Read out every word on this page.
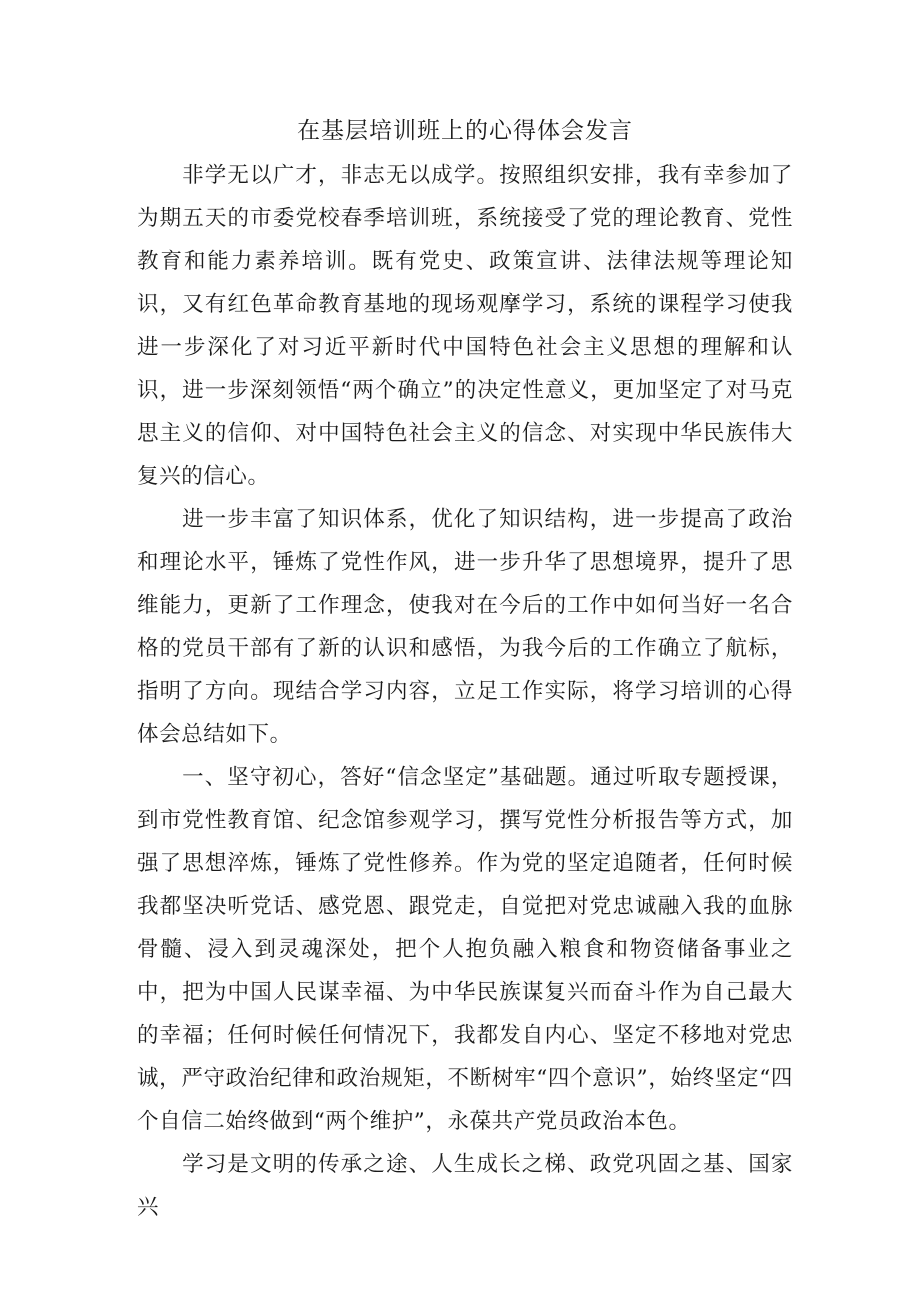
在基层培训班上的心得体会发言

非学无以广才，非志无以成学。按照组织安排，我有幸参加了为期五天的市委党校春季培训班，系统接受了党的理论教育、党性教育和能力素养培训。既有党史、政策宣讲、法律法规等理论知识，又有红色革命教育基地的现场观摩学习，系统的课程学习使我进一步深化了对习近平新时代中国特色社会主义思想的理解和认识，进一步深刻领悟“两个确立”的决定性意义，更加坚定了对马克思主义的信仰、对中国特色社会主义的信念、对实现中华民族伟大复兴的信心。

进一步丰富了知识体系，优化了知识结构，进一步提高了政治和理论水平，锤炼了党性作风，进一步升华了思想境界，提升了思维能力，更新了工作理念，使我对在今后的工作中如何当好一名合格的党员干部有了新的认识和感悟，为我今后的工作确立了航标，指明了方向。现结合学习内容，立足工作实际，将学习培训的心得体会总结如下。

一、坚守初心，答好“信念坚定”基础题。通过听取专题授课，到市党性教育馆、纪念馆参观学习，撰写党性分析报告等方式，加强了思想淬炼，锤炼了党性修养。作为党的坚定追随者，任何时候我都坚决听党话、感党恩、跟党走，自觉把对党忠诚融入我的血脉骨髓、浸入到灵魂深处，把个人抱负融入粮食和物资储备事业之中，把为中国人民谋幸福、为中华民族谋复兴而奋斗作为自己最大的幸福；任何时候任何情况下，我都发自内心、坚定不移地对党忠诚，严守政治纪律和政治规矩，不断树牢“四个意识”，始终坚定“四个自信二始终做到“两个维护”，永葆共产党员政治本色。

学习是文明的传承之途、人生成长之梯、政党巩固之基、国家兴
